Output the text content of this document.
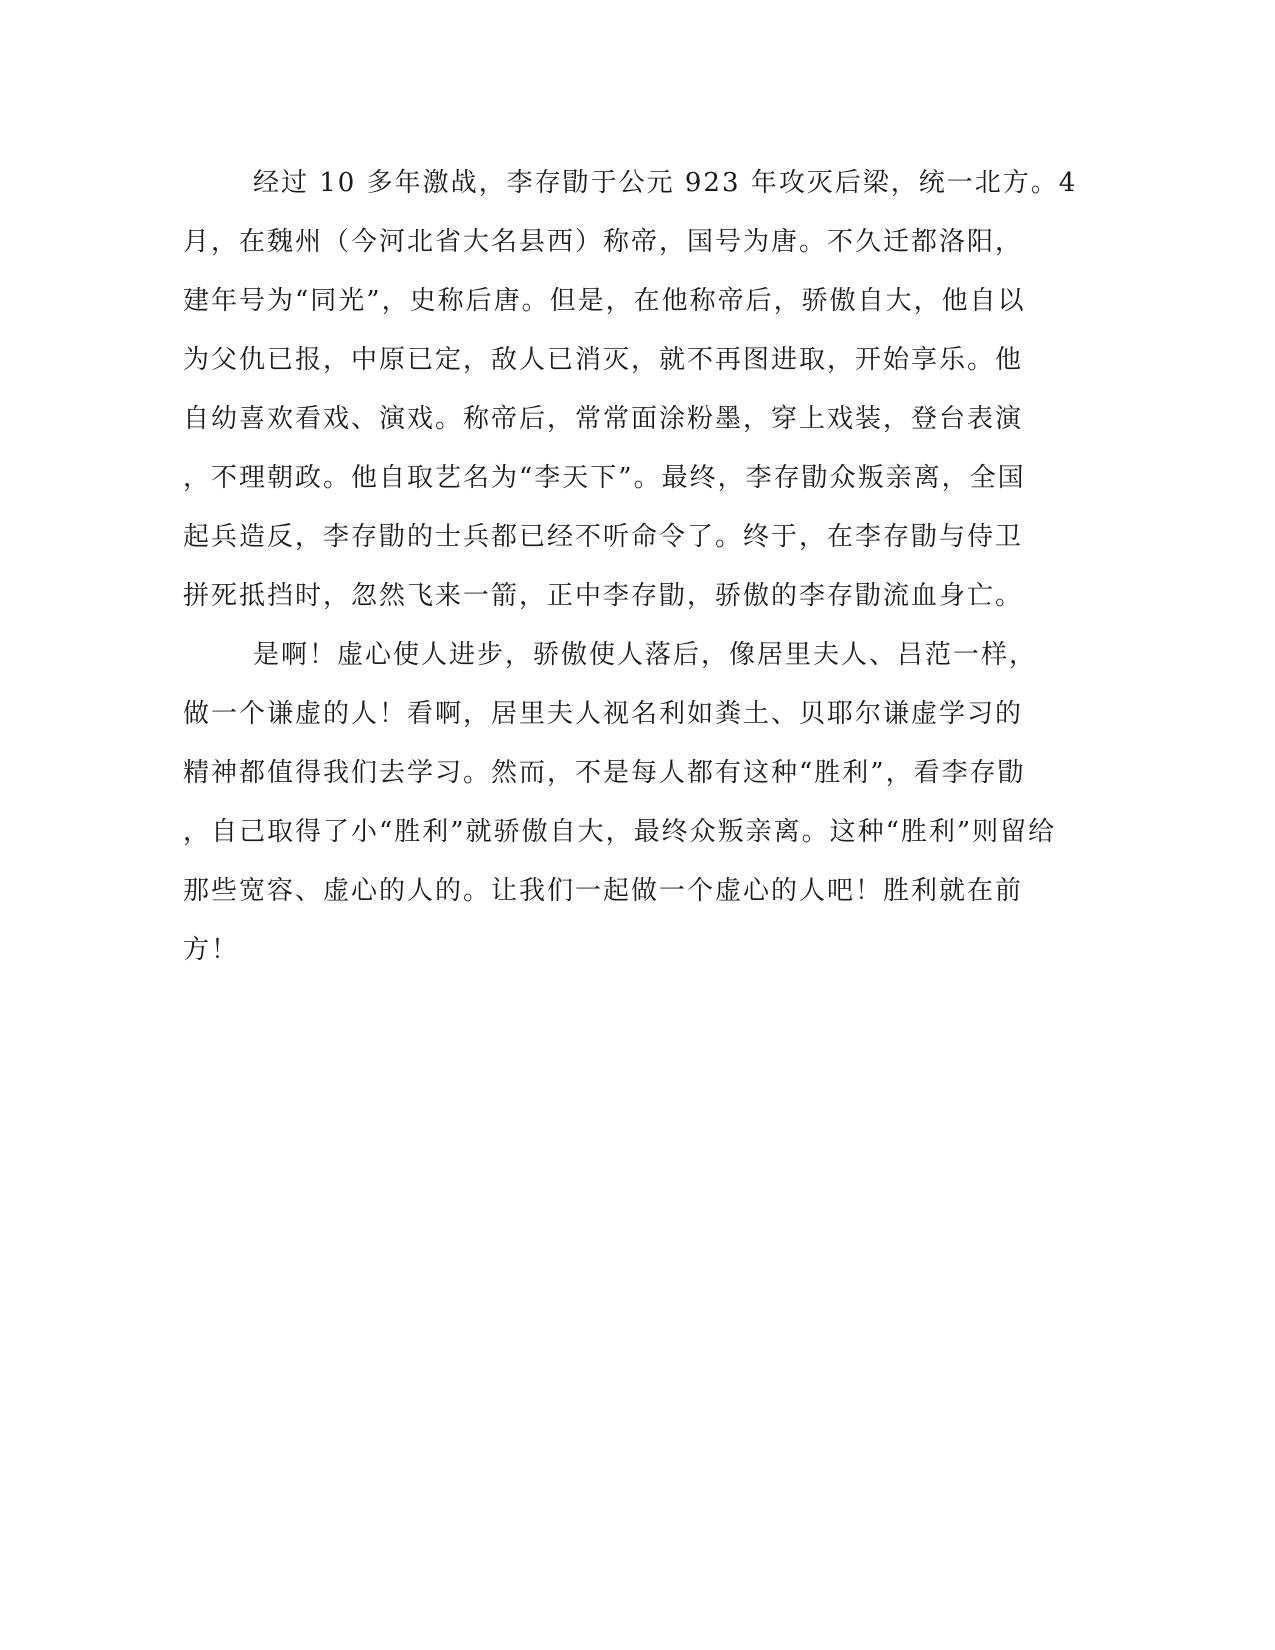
经过 10 多年激战，李存勖于公元 923 年攻灭后梁，统一北方。4
月，在魏州（今河北省大名县西）称帝，国号为唐。不久迁都洛阳，
建年号为“同光”，史称后唐。但是，在他称帝后，骄傲自大，他自以
为父仇已报，中原已定，敌人已消灭，就不再图进取，开始享乐。他
自幼喜欢看戏、演戏。称帝后，常常面涂粉墨，穿上戏装，登台表演
，不理朝政。他自取艺名为“李天下”。最终，李存勖众叛亲离，全国
起兵造反，李存勖的士兵都已经不听命令了。终于，在李存勖与侍卫
拼死抵挡时，忽然飞来一箭，正中李存勖，骄傲的李存勖流血身亡。
是啊！虚心使人进步，骄傲使人落后，像居里夫人、吕范一样，
做一个谦虚的人！看啊，居里夫人视名利如粪土、贝耶尔谦虚学习的
精神都值得我们去学习。然而，不是每人都有这种“胜利”，看李存勖
，自己取得了小“胜利”就骄傲自大，最终众叛亲离。这种“胜利”则留给
那些宽容、虚心的人的。让我们一起做一个虚心的人吧！胜利就在前
方！
